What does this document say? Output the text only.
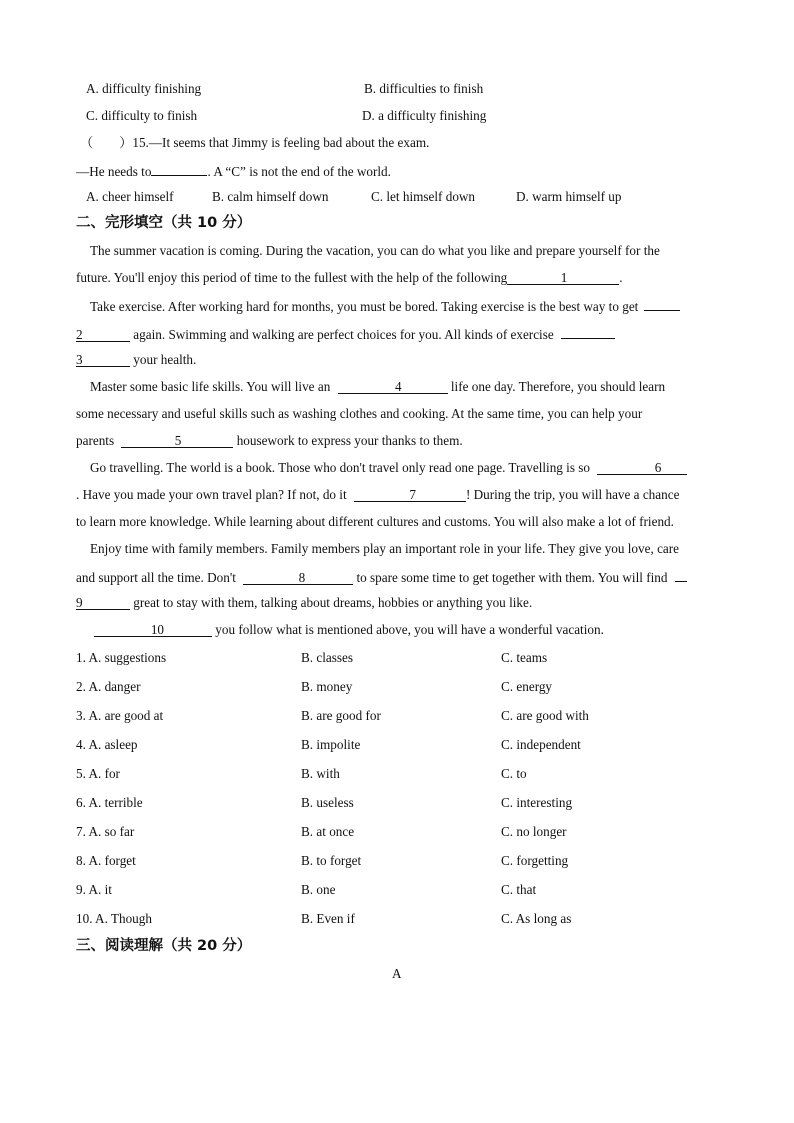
A. difficulty finishing	B. difficulties to finish
C. difficulty to finish	D. a difficulty finishing
（ ）15.—It seems that Jimmy is feeling bad about the exam.
—He needs to	. A “C” is not the end of the world.
A. cheer himself	B. calm himself down	C. let himself down	D. warm himself up
二、完形填空（共 10 分）
The summer vacation is coming. During the vacation, you can do what you like and prepare yourself for the
future. You'll enjoy this period of time to the fullest with the help of the following	1	.
Take exercise. After working hard for months, you must be bored. Taking exercise is the best way to get
2	again. Swimming and walking are perfect choices for you. All kinds of exercise
3	your health.
Master some basic life skills. You will live an	4	life one day. Therefore, you should learn
some necessary and useful skills such as washing clothes and cooking. At the same time, you can help your
parents	5	housework to express your thanks to them.
Go travelling. The world is a book. Those who don't travel only read one page. Travelling is so	6
. Have you made your own travel plan? If not, do it	7	! During the trip, you will have a chance
to learn more knowledge. While learning about different cultures and customs. You will also make a lot of friend.
Enjoy time with family members. Family members play an important role in your life. They give you love, care
and support all the time. Don't	8	to spare some time to get together with them. You will find
9	great to stay with them, talking about dreams, hobbies or anything you like.
10	you follow what is mentioned above, you will have a wonderful vacation.
1. A. suggestions	B. classes	C. teams
2. A. danger	B. money	C. energy
3. A. are good at	B. are good for	C. are good with
4. A. asleep	B. impolite	C. independent
5. A. for	B. with	C. to
6. A. terrible	B. useless	C. interesting
7. A. so far	B. at once	C. no longer
8. A. forget	B. to forget	C. forgetting
9. A. it	B. one	C. that
10. A. Though	B. Even if	C. As long as
三、阅读理解（共 20 分）
A
